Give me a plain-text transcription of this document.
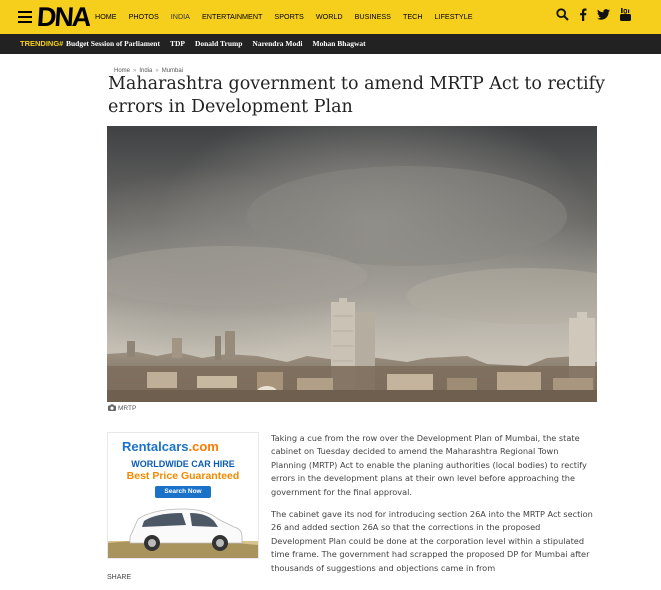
DNA HOME PHOTOS INDIA ENTERTAINMENT SPORTS WORLD BUSINESS TECH LIFESTYLE
TRENDING# Budget Session of Parliament TDP Donald Trump Narendra Modi Mohan Bhagwat
Home » India » Mumbai
Maharashtra government to amend MRTP Act to rectify errors in Development Plan
MRTP
Rentalcars.com
WORLDWIDE CAR HIRE
Best Price Guaranteed
Search Now
SHARE

Taking a cue from the row over the Development Plan of Mumbai, the state cabinet on Tuesday decided to amend the Maharashtra Regional Town Planning (MRTP) Act to enable the planing authorities (local bodies) to rectify errors in the development plans at their own level before approaching the government for the final approval.

The cabinet gave its nod for introducing section 26A into the MRTP Act section 26 and added section 26A so that the corrections in the proposed Development Plan could be done at the corporation level within a stipulated time frame. The government had scrapped the proposed DP for Mumbai after thousands of suggestions and objections came in from
